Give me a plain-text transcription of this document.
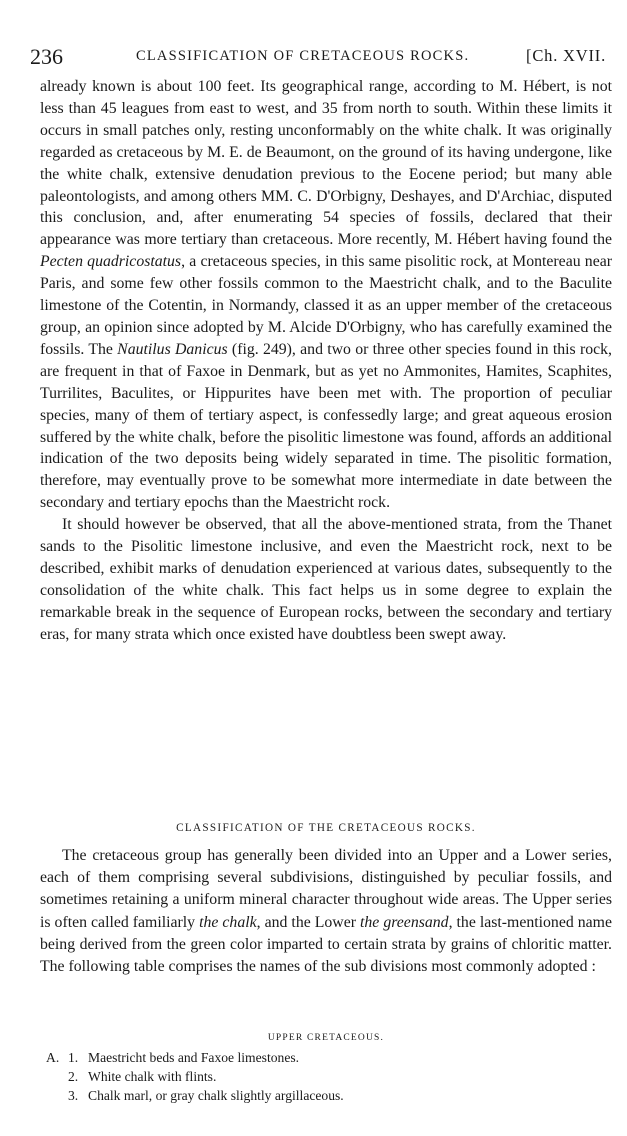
236	CLASSIFICATION OF CRETACEOUS ROCKS.	[Ch. XVII.

already known is about 100 feet. Its geographical range, according to M. Hébert, is not less than 45 leagues from east to west, and 35 from north to south. Within these limits it occurs in small patches only, resting unconformably on the white chalk. It was originally regarded as cretaceous by M. E. de Beaumont, on the ground of its having undergone, like the white chalk, extensive denudation previous to the Eocene period; but many able paleontologists, and among others MM. C. D'Orbigny, Deshayes, and D'Archiac, disputed this conclusion, and, after enumerating 54 species of fossils, declared that their appearance was more tertiary than cretaceous. More recently, M. Hébert having found the Pecten quadricostatus, a cretaceous species, in this same pisolitic rock, at Montereau near Paris, and some few other fossils common to the Maestricht chalk, and to the Baculite limestone of the Cotentin, in Normandy, classed it as an upper member of the cretaceous group, an opinion since adopted by M. Alcide D'Orbigny, who has carefully examined the fossils. The Nautilus Danicus (fig. 249), and two or three other species found in this rock, are frequent in that of Faxoe in Denmark, but as yet no Ammonites, Hamites, Scaphites, Turrilites, Baculites, or Hippurites have been met with. The proportion of peculiar species, many of them of tertiary aspect, is confessedly large; and great aqueous erosion suffered by the white chalk, before the pisolitic limestone was found, affords an additional indication of the two deposits being widely separated in time. The pisolitic formation, therefore, may eventually prove to be somewhat more intermediate in date between the secondary and tertiary epochs than the Maestricht rock.

It should however be observed, that all the above-mentioned strata, from the Thanet sands to the Pisolitic limestone inclusive, and even the Maestricht rock, next to be described, exhibit marks of denudation experienced at various dates, subsequently to the consolidation of the white chalk. This fact helps us in some degree to explain the remarkable break in the sequence of European rocks, between the secondary and tertiary eras, for many strata which once existed have doubtless been swept away.

CLASSIFICATION OF THE CRETACEOUS ROCKS.

The cretaceous group has generally been divided into an Upper and a Lower series, each of them comprising several subdivisions, distinguished by peculiar fossils, and sometimes retaining a uniform mineral character throughout wide areas. The Upper series is often called familiarly the chalk, and the Lower the greensand, the last-mentioned name being derived from the green color imparted to certain strata by grains of chloritic matter. The following table comprises the names of the sub divisions most commonly adopted :

UPPER CRETACEOUS.
A. 1. Maestricht beds and Faxoe limestones.
2. White chalk with flints.
3. Chalk marl, or gray chalk slightly argillaceous.
